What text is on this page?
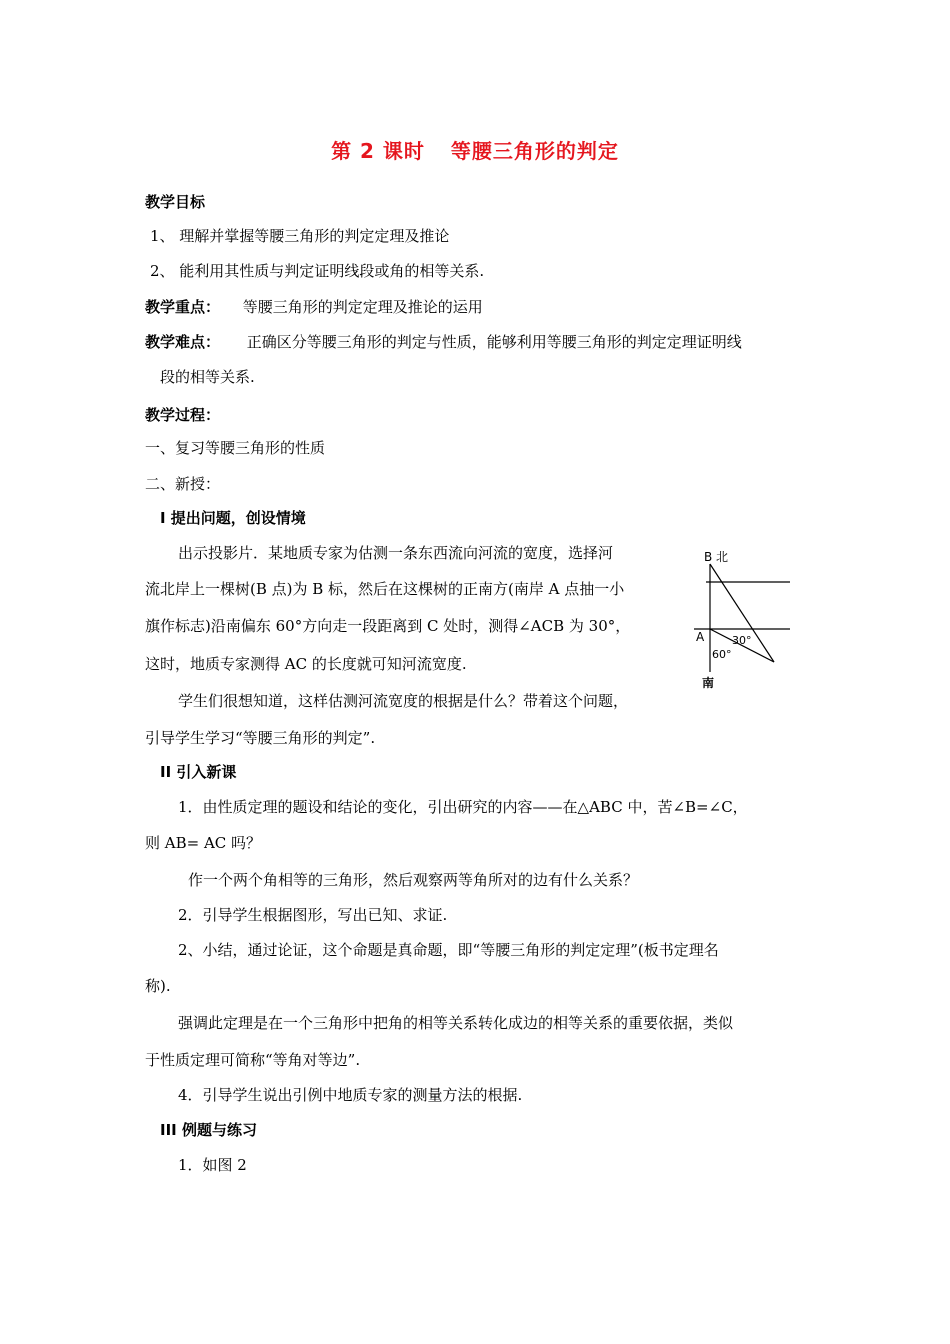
第 2 课时 等腰三角形的判定
教学目标
1、 理解并掌握等腰三角形的判定定理及推论
2、 能利用其性质与判定证明线段或角的相等关系.
教学重点： 等腰三角形的判定定理及推论的运用
教学难点： 正确区分等腰三角形的判定与性质，能够利用等腰三角形的判定定理证明线
段的相等关系.
教学过程：
一、复习等腰三角形的性质
二、新授：
I 提出问题，创设情境
出示投影片．某地质专家为估测一条东西流向河流的宽度，选择河
流北岸上一棵树(B 点)为 B 标，然后在这棵树的正南方(南岸 A 点抽一小
旗作标志)沿南偏东 60°方向走一段距离到 C 处时，测得∠ACB 为 30°，
这时，地质专家测得 AC 的长度就可知河流宽度.
学生们很想知道，这样估测河流宽度的根据是什么？带着这个问题，
引导学生学习“等腰三角形的判定”.
II 引入新课
1．由性质定理的题设和结论的变化，引出研究的内容——在△ABC 中，苦∠B=∠C，
则 AB= AC 吗？
作一个两个角相等的三角形，然后观察两等角所对的边有什么关系？
2．引导学生根据图形，写出已知、求证.
2、小结，通过论证，这个命题是真命题，即“等腰三角形的判定定理”(板书定理名
称).
强调此定理是在一个三角形中把角的相等关系转化成边的相等关系的重要依据，类似
于性质定理可简称“等角对等边”.
4．引导学生说出引例中地质专家的测量方法的根据.
III 例题与练习
1．如图 2
B 北
A	30°
60°
南
